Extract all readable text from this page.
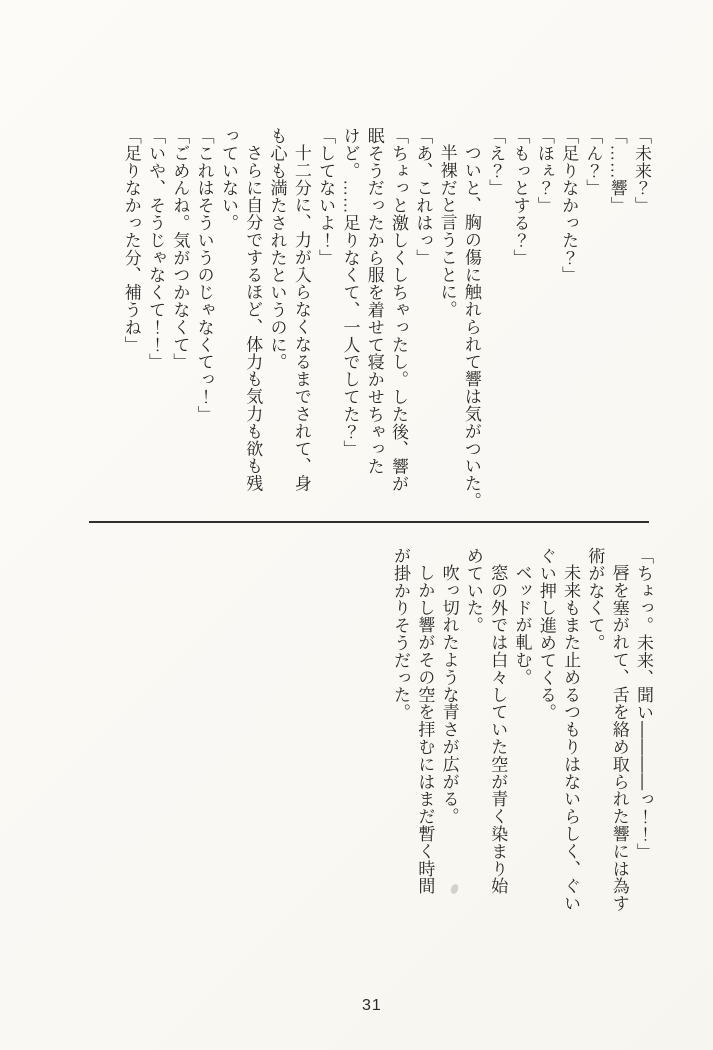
「未来？」

「……響」

「ん？」

「足りなかった？」

「ほぇ？」

「もっとする？」

「え？」

ついと、胸の傷に触れられて響は気がついた。

半裸だと言うことに。

「あ、これはっ」

「ちょっと激しくしちゃったし。した後、響が

眠そうだったから服を着せて寝かせちゃった

けど。……足りなくて、一人でしてた？」

「してないよ！」

十二分に、力が入らなくなるまでされて、身

も心も満たされたというのに。

さらに自分でするほど、体力も気力も欲も残

っていない。

「これはそういうのじゃなくてっ！」

「ごめんね。気がつかなくて」

「いや、そうじゃなくて！！」

「足りなかった分、補うね」

「ちょっ。未来、聞い――――っ！！」

唇を塞がれて、舌を絡め取られた響には為す

術がなくて。

未来もまた止めるつもりはないらしく、ぐい

ぐい押し進めてくる。

ベッドが軋む。

窓の外では白々していた空が青く染まり始

めていた。

吹っ切れたような青さが広がる。

しかし響がその空を拝むにはまだ暫く時間

が掛かりそうだった。

31
